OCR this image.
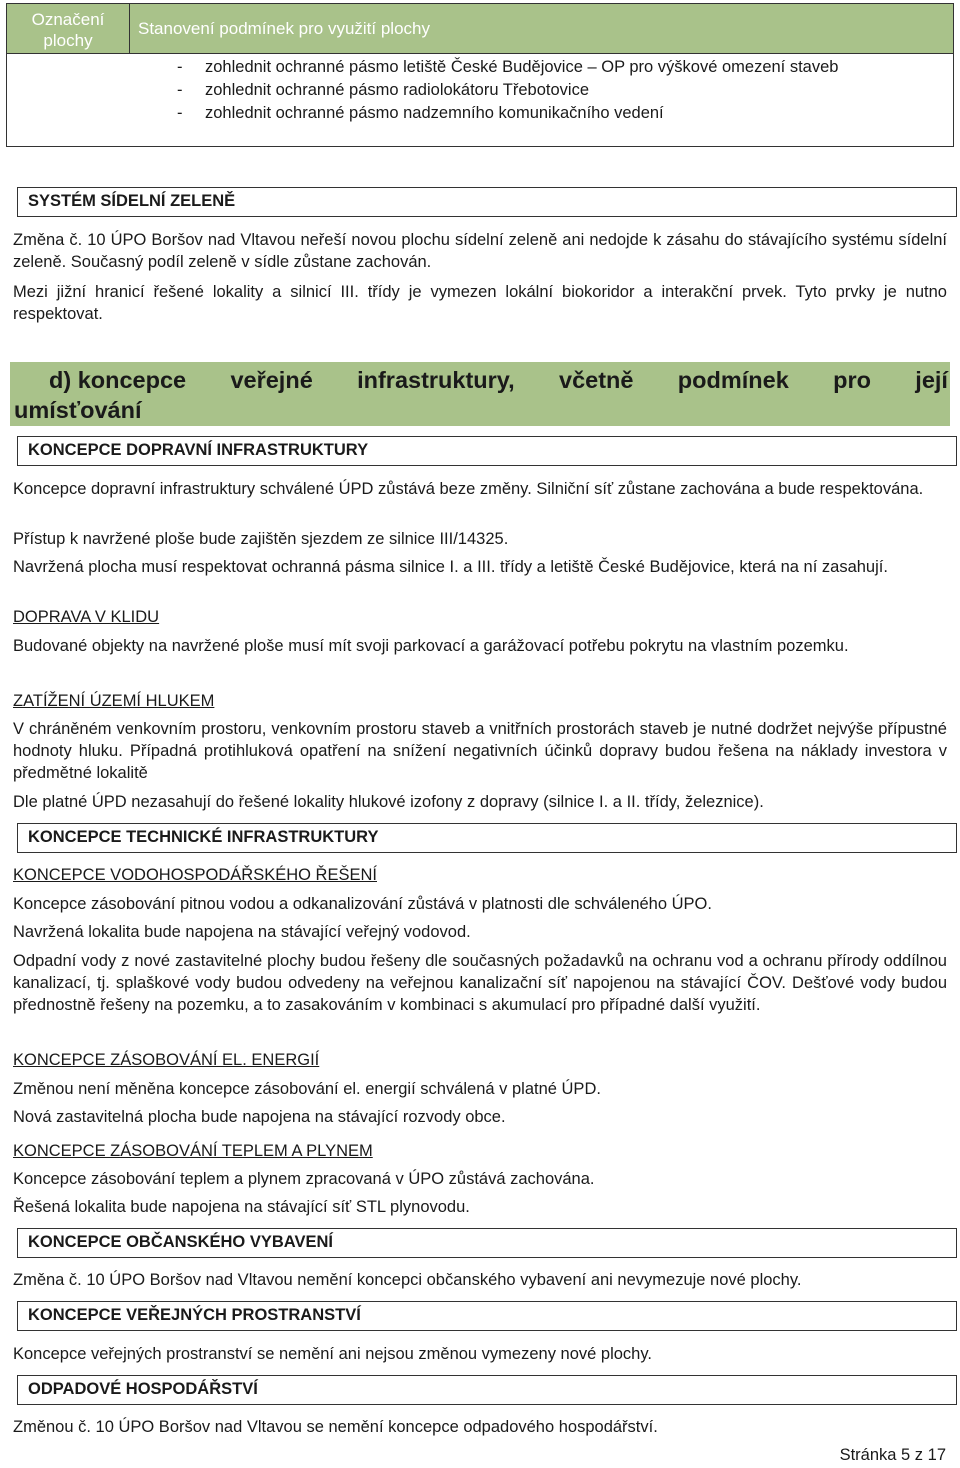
Označení plochy
Stanovení podmínek pro využití plochy
-	zohlednit ochranné pásmo letiště České Budějovice – OP pro výškové omezení staveb
-	zohlednit ochranné pásmo radiolokátoru Třebotovice
-	zohlednit ochranné pásmo nadzemního komunikačního vedení
SYSTÉM SÍDELNÍ ZELENĚ
Změna č. 10 ÚPO Boršov nad Vltavou neřeší novou plochu sídelní zeleně ani nedojde k zásahu do stávajícího systému sídelní zeleně. Současný podíl zeleně v sídle zůstane zachován.
Mezi jižní hranicí řešené lokality a silnicí III. třídy je vymezen lokální biokoridor a interakční prvek. Tyto prvky je nutno respektovat.
d) koncepce veřejné infrastruktury, včetně podmínek pro její
umísťování
KONCEPCE DOPRAVNÍ INFRASTRUKTURY
Koncepce dopravní infrastruktury schválené ÚPD zůstává beze změny. Silniční síť zůstane zachována a bude respektována.
Přístup k navržené ploše bude zajištěn sjezdem ze silnice III/14325.
Navržená plocha musí respektovat ochranná pásma silnice I. a III. třídy a letiště České Budějovice, která na ní zasahují.
DOPRAVA V KLIDU
Budované objekty na navržené ploše musí mít svoji parkovací a garážovací potřebu pokrytu na vlastním pozemku.
ZATÍŽENÍ ÚZEMÍ HLUKEM
V chráněném venkovním prostoru, venkovním prostoru staveb a vnitřních prostorách staveb je nutné dodržet nejvýše přípustné hodnoty hluku. Případná protihluková opatření na snížení negativních účinků dopravy budou řešena na náklady investora v předmětné lokalitě
Dle platné ÚPD nezasahují do řešené lokality hlukové izofony z dopravy (silnice I. a II. třídy, železnice).
KONCEPCE TECHNICKÉ INFRASTRUKTURY
KONCEPCE VODOHOSPODÁŘSKÉHO ŘEŠENÍ
Koncepce zásobování pitnou vodou a odkanalizování zůstává v platnosti dle schváleného ÚPO.
Navržená lokalita bude napojena na stávající veřejný vodovod.
Odpadní vody z nové zastavitelné plochy budou řešeny dle současných požadavků na ochranu vod a ochranu přírody oddílnou kanalizací, tj. splaškové vody budou odvedeny na veřejnou kanalizační síť napojenou na stávající ČOV. Dešťové vody budou přednostně řešeny na pozemku, a to zasakováním v kombinaci s akumulací pro případné další využití.
KONCEPCE ZÁSOBOVÁNÍ EL. ENERGIÍ
Změnou není měněna koncepce zásobování el. energií schválená v platné ÚPD.
Nová zastavitelná plocha bude napojena na stávající rozvody obce.
KONCEPCE ZÁSOBOVÁNÍ TEPLEM A PLYNEM
Koncepce zásobování teplem a plynem zpracovaná v ÚPO zůstává zachována.
Řešená lokalita bude napojena na stávající síť STL plynovodu.
KONCEPCE OBČANSKÉHO VYBAVENÍ
Změna č. 10 ÚPO Boršov nad Vltavou nemění koncepci občanského vybavení ani nevymezuje nové plochy.
KONCEPCE VEŘEJNÝCH PROSTRANSTVÍ
Koncepce veřejných prostranství se nemění ani nejsou změnou vymezeny nové plochy.
ODPADOVÉ HOSPODÁŘSTVÍ
Změnou č. 10 ÚPO Boršov nad Vltavou se nemění koncepce odpadového hospodářství.
Stránka 5 z 17
